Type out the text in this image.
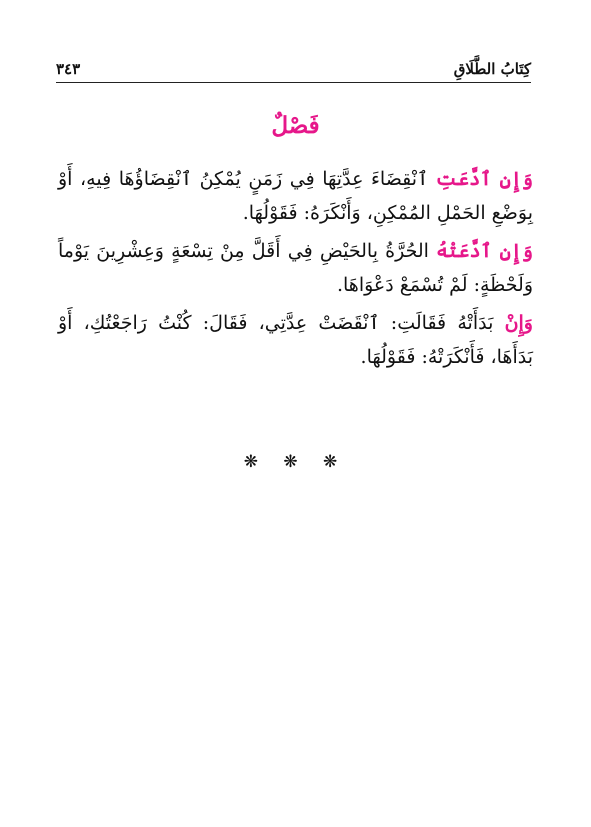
كِتَابُ الطَّلَاقِ
٣٤٣
فَصْلٌ

وَإِنِ ٱدَّعَتِ ٱنْقِضَاءَ عِدَّتِهَا فِي زَمَنٍ يُمْكِنُ ٱنْقِضَاؤُهَا فِيهِ، أَوْ بِوَضْعِ الحَمْلِ المُمْكِنِ، وَأَنْكَرَهُ: فَقَوْلُهَا.

وَإِنِ ٱدَّعَتْهُ الحُرَّةُ بِالحَيْضِ فِي أَقَلَّ مِنْ تِسْعَةٍ وَعِشْرِينَ يَوْماً وَلَحْظَةٍ: لَمْ تُسْمَعْ دَعْوَاهَا.

وَإِنْ بَدَأَتْهُ فَقَالَتِ: ٱنْقَضَتْ عِدَّتِي، فَقَالَ: كُنْتُ رَاجَعْتُكِ، أَوْ بَدَأَهَا، فَأَنْكَرَتْهُ: فَقَوْلُهَا.

❋ ❋ ❋
